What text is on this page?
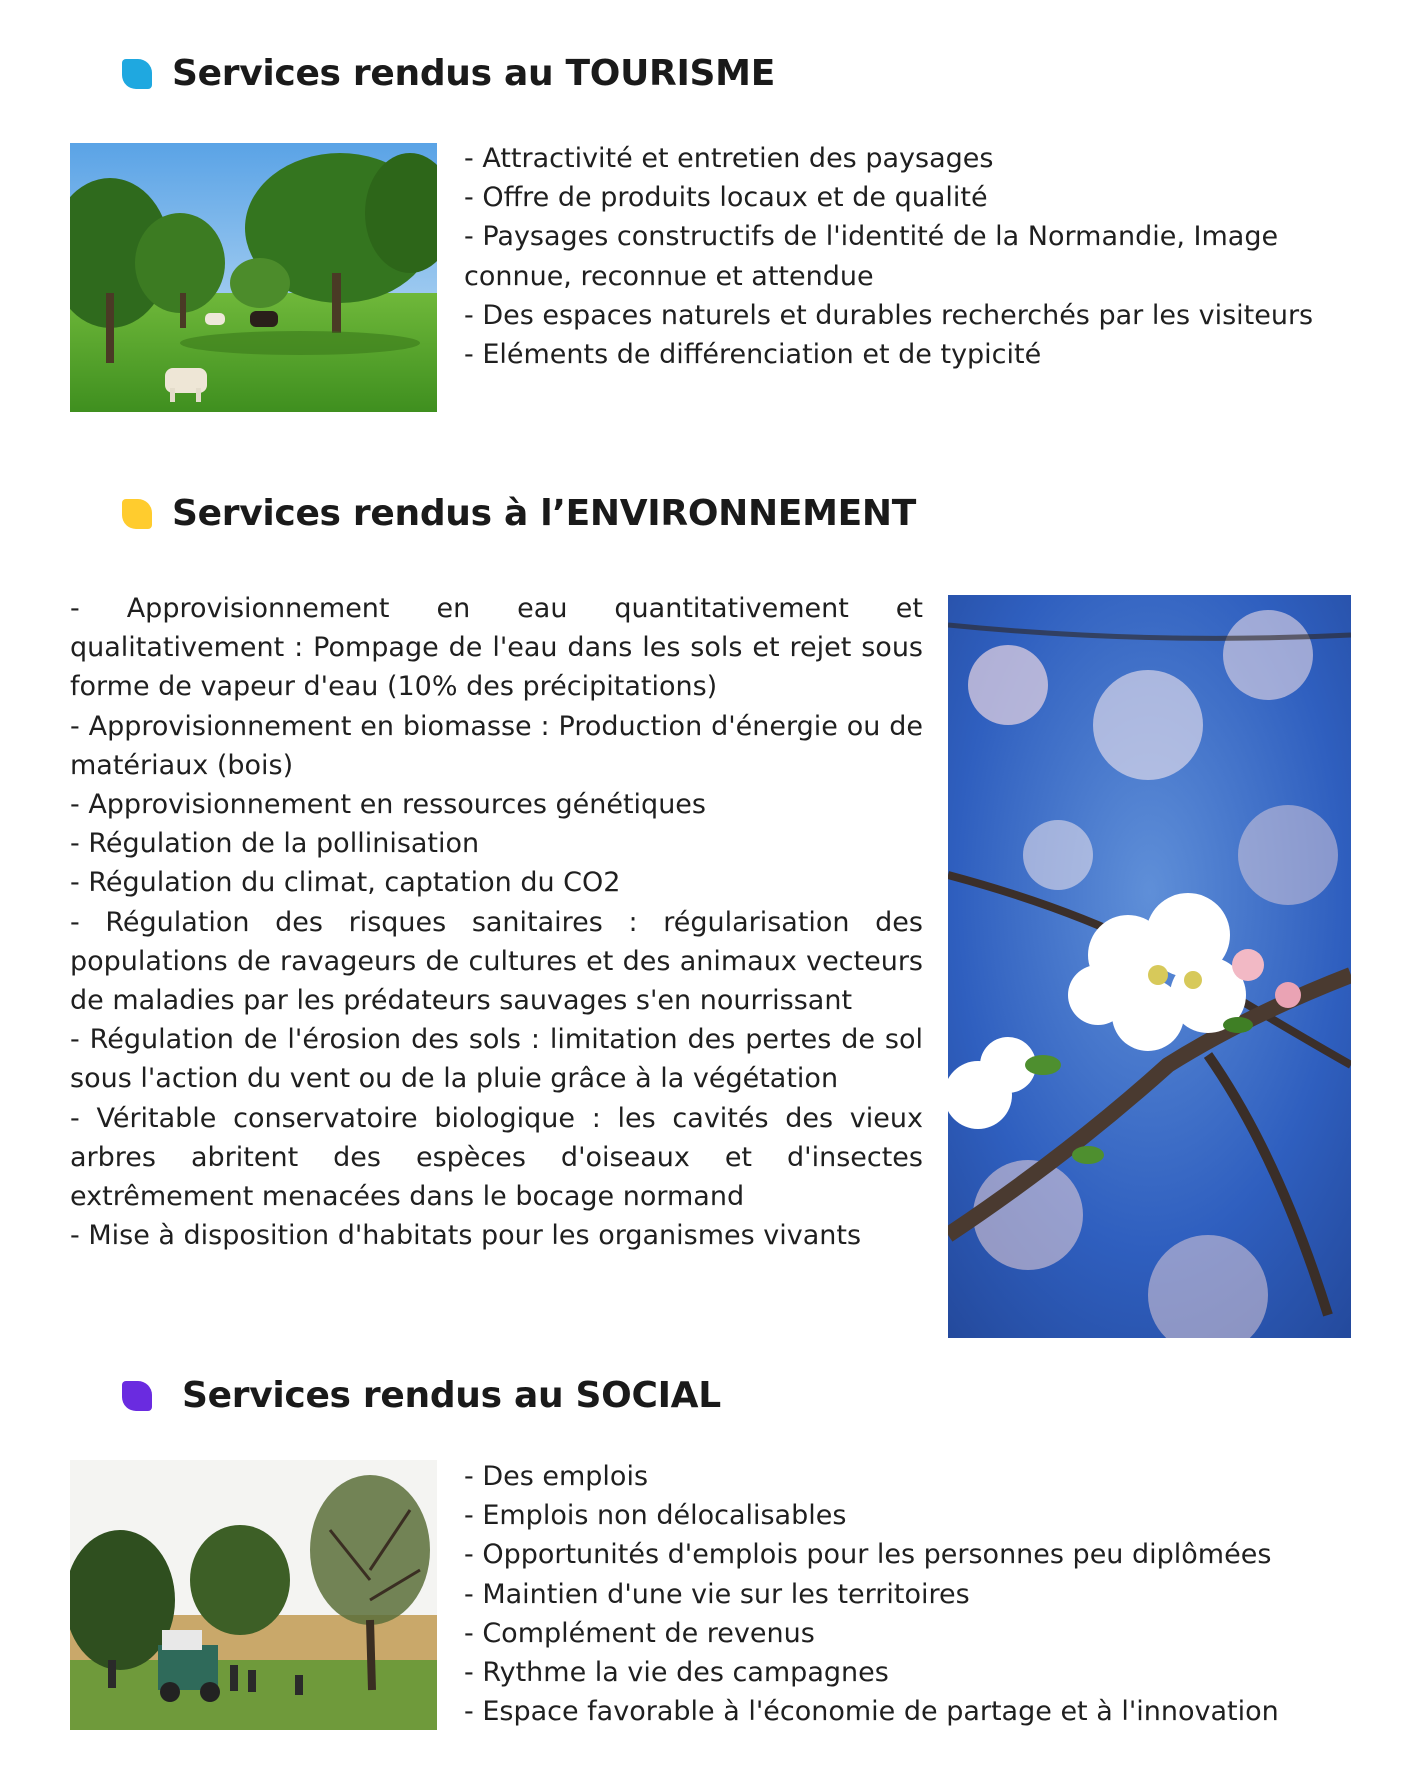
Services rendus au TOURISME
- Attractivité et entretien des paysages
- Offre de produits locaux et de qualité
- Paysages constructifs de l'identité de la Normandie, Image connue, reconnue et attendue
- Des espaces naturels et durables recherchés par les visiteurs
- Eléments de différenciation et de typicité
Services rendus à l’ENVIRONNEMENT
- Approvisionnement en eau quantitativement et qualitativement : Pompage de l'eau dans les sols et rejet sous forme de vapeur d'eau (10% des précipitations)
- Approvisionnement en biomasse : Production d'énergie ou de matériaux (bois)
- Approvisionnement en ressources génétiques
- Régulation de la pollinisation
- Régulation du climat, captation du CO2
- Régulation des risques sanitaires : régularisation des populations de ravageurs de cultures et des animaux vecteurs de maladies par les prédateurs sauvages s'en nourrissant
- Régulation de l'érosion des sols : limitation des pertes de sol sous l'action du vent ou de la pluie grâce à la végétation
- Véritable conservatoire biologique : les cavités des vieux arbres abritent des espèces d'oiseaux et d'insectes extrêmement menacées dans le bocage normand
- Mise à disposition d'habitats pour les organismes vivants
Services rendus au SOCIAL
- Des emplois
- Emplois non délocalisables
- Opportunités d'emplois pour les personnes peu diplômées
- Maintien d'une vie sur les territoires
- Complément de revenus
- Rythme la vie des campagnes
- Espace favorable à l'économie de partage et à l'innovation
